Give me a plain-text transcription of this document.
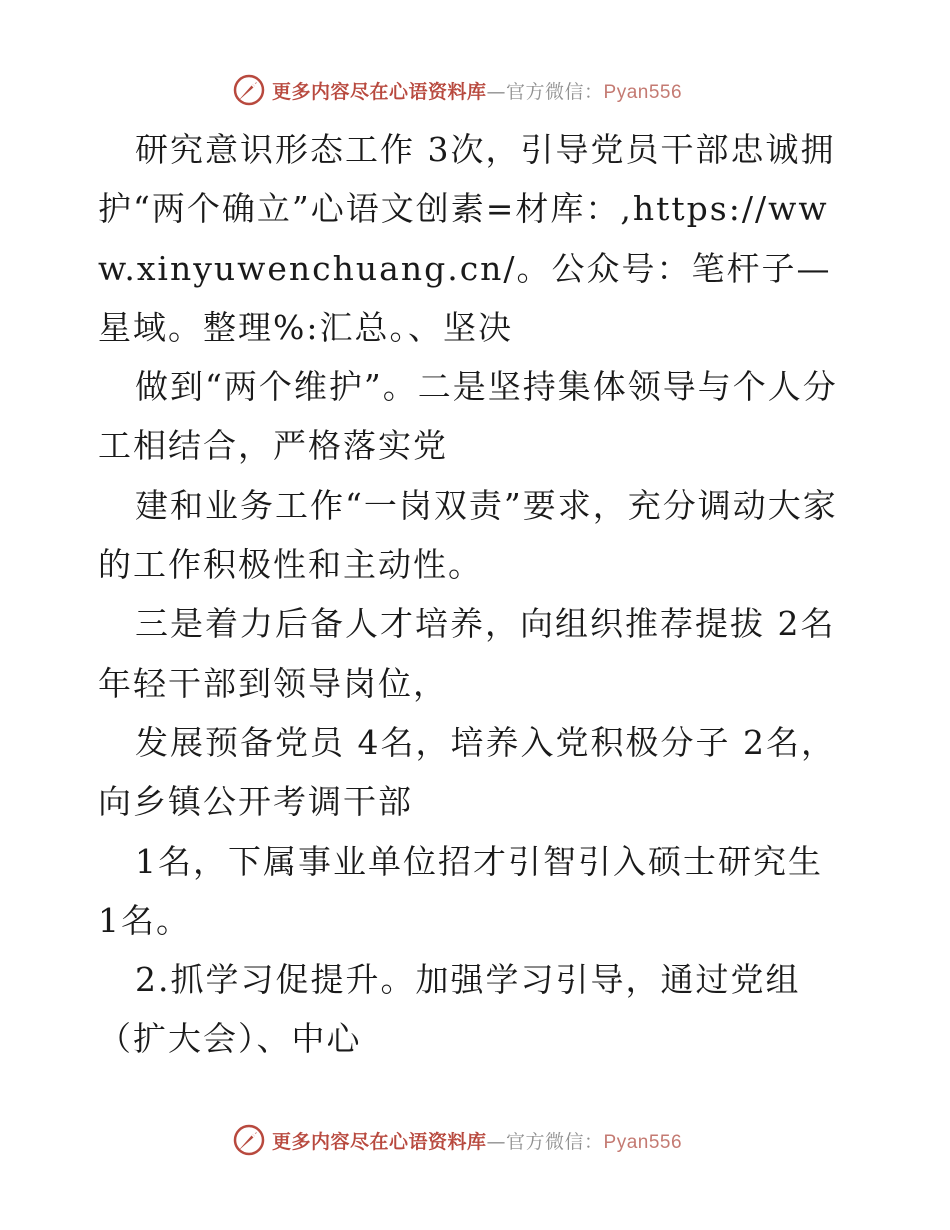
更多内容尽在心语资料库—官方微信：Pyan556

研究意识形态工作 3次，引导党员干部忠诚拥护“两个确立”心语文创素=材库：,https://www.xinyuwenchuang.cn/。公众号：笔杆子—星域。整理%:汇总。、坚决

做到“两个维护”。二是坚持集体领导与个人分工相结合，严格落实党

建和业务工作“一岗双责”要求，充分调动大家的工作积极性和主动性。

三是着力后备人才培养，向组织推荐提拔 2名年轻干部到领导岗位，

发展预备党员 4名，培养入党积极分子 2名，向乡镇公开考调干部

1名，下属事业单位招才引智引入硕士研究生 1名。

2.抓学习促提升。加强学习引导，通过党组（扩大会）、中心

更多内容尽在心语资料库—官方微信：Pyan556
